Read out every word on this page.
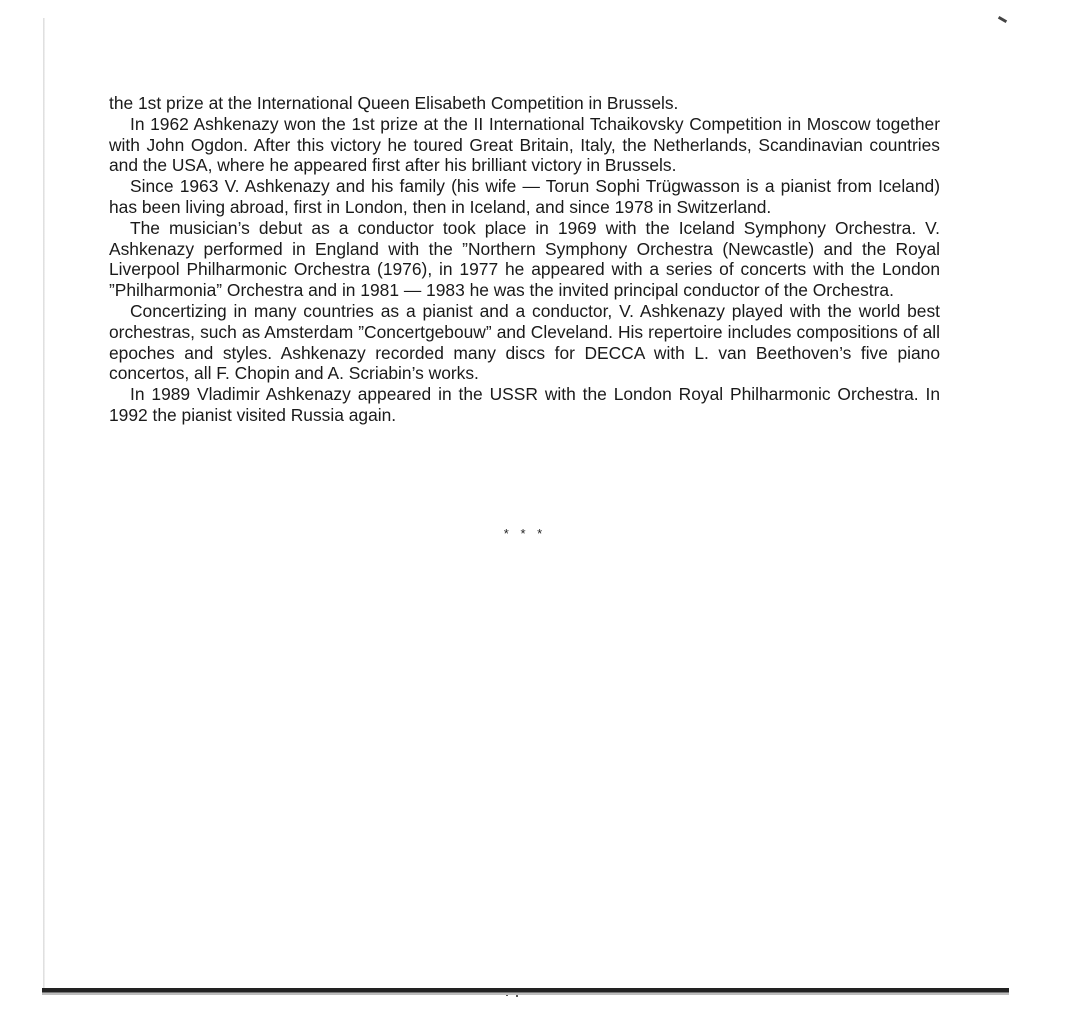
the 1st prize at the International Queen Elisabeth Competition in Brussels.

In 1962 Ashkenazy won the 1st prize at the II International Tchaikovsky Competition in Moscow together with John Ogdon. After this victory he toured Great Britain, Italy, the Netherlands, Scandinavian countries and the USA, where he appeared first after his brilliant victory in Brussels.

Since 1963 V. Ashkenazy and his family (his wife — Torun Sophi Trügwasson is a pianist from Iceland) has been living abroad, first in London, then in Iceland, and since 1978 in Switzerland.

The musician’s debut as a conductor took place in 1969 with the Iceland Symphony Orchestra. V. Ashkenazy performed in England with the ”Northern Symphony Orchestra (Newcastle) and the Royal Liverpool Philharmonic Orchestra (1976), in 1977 he appeared with a series of concerts with the London ”Philharmonia” Orchestra and in 1981 — 1983 he was the invited principal conductor of the Orchestra.

Concertizing in many countries as a pianist and a conductor, V. Ashkenazy played with the world best orchestras, such as Amsterdam ”Concertgebouw” and Cleveland. His repertoire includes compositions of all epoches and styles. Ashkenazy recorded many discs for DECCA with L. van Beethoven’s five piano concertos, all F. Chopin and A. Scriabin’s works.

In 1989 Vladimir Ashkenazy appeared in the USSR with the London Royal Philharmonic Orchestra. In 1992 the pianist visited Russia again.

* * *
